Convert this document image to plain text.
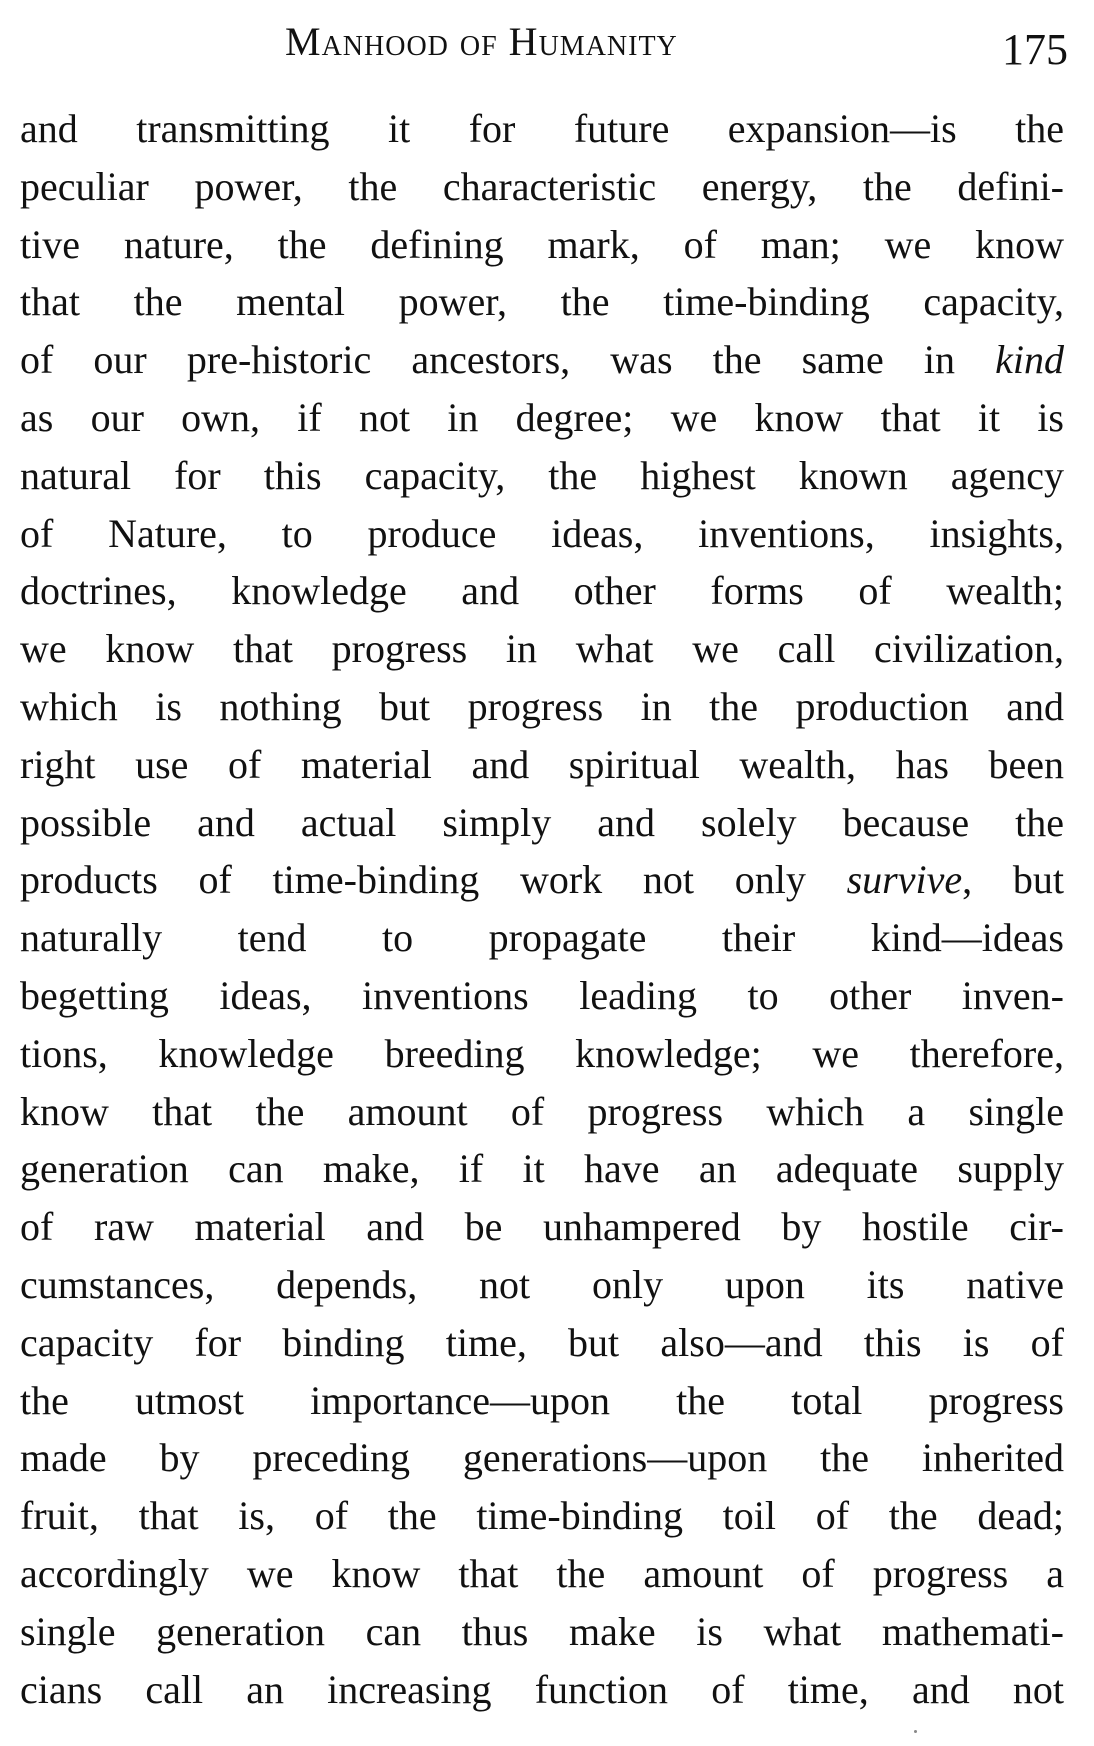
Manhood of Humanity	175
and transmitting it for future expansion—is the
peculiar power, the characteristic energy, the defini-
tive nature, the defining mark, of man; we know
that the mental power, the time-binding capacity,
of our pre-historic ancestors, was the same in kind
as our own, if not in degree; we know that it is
natural for this capacity, the highest known agency
of Nature, to produce ideas, inventions, insights,
doctrines, knowledge and other forms of wealth;
we know that progress in what we call civilization,
which is nothing but progress in the production and
right use of material and spiritual wealth, has been
possible and actual simply and solely because the
products of time-binding work not only survive, but
naturally tend to propagate their kind—ideas
begetting ideas, inventions leading to other inven-
tions, knowledge breeding knowledge; we therefore,
know that the amount of progress which a single
generation can make, if it have an adequate supply
of raw material and be unhampered by hostile cir-
cumstances, depends, not only upon its native
capacity for binding time, but also—and this is of
the utmost importance—upon the total progress
made by preceding generations—upon the inherited
fruit, that is, of the time-binding toil of the dead;
accordingly we know that the amount of progress a
single generation can thus make is what mathemati-
cians call an increasing function of time, and not
